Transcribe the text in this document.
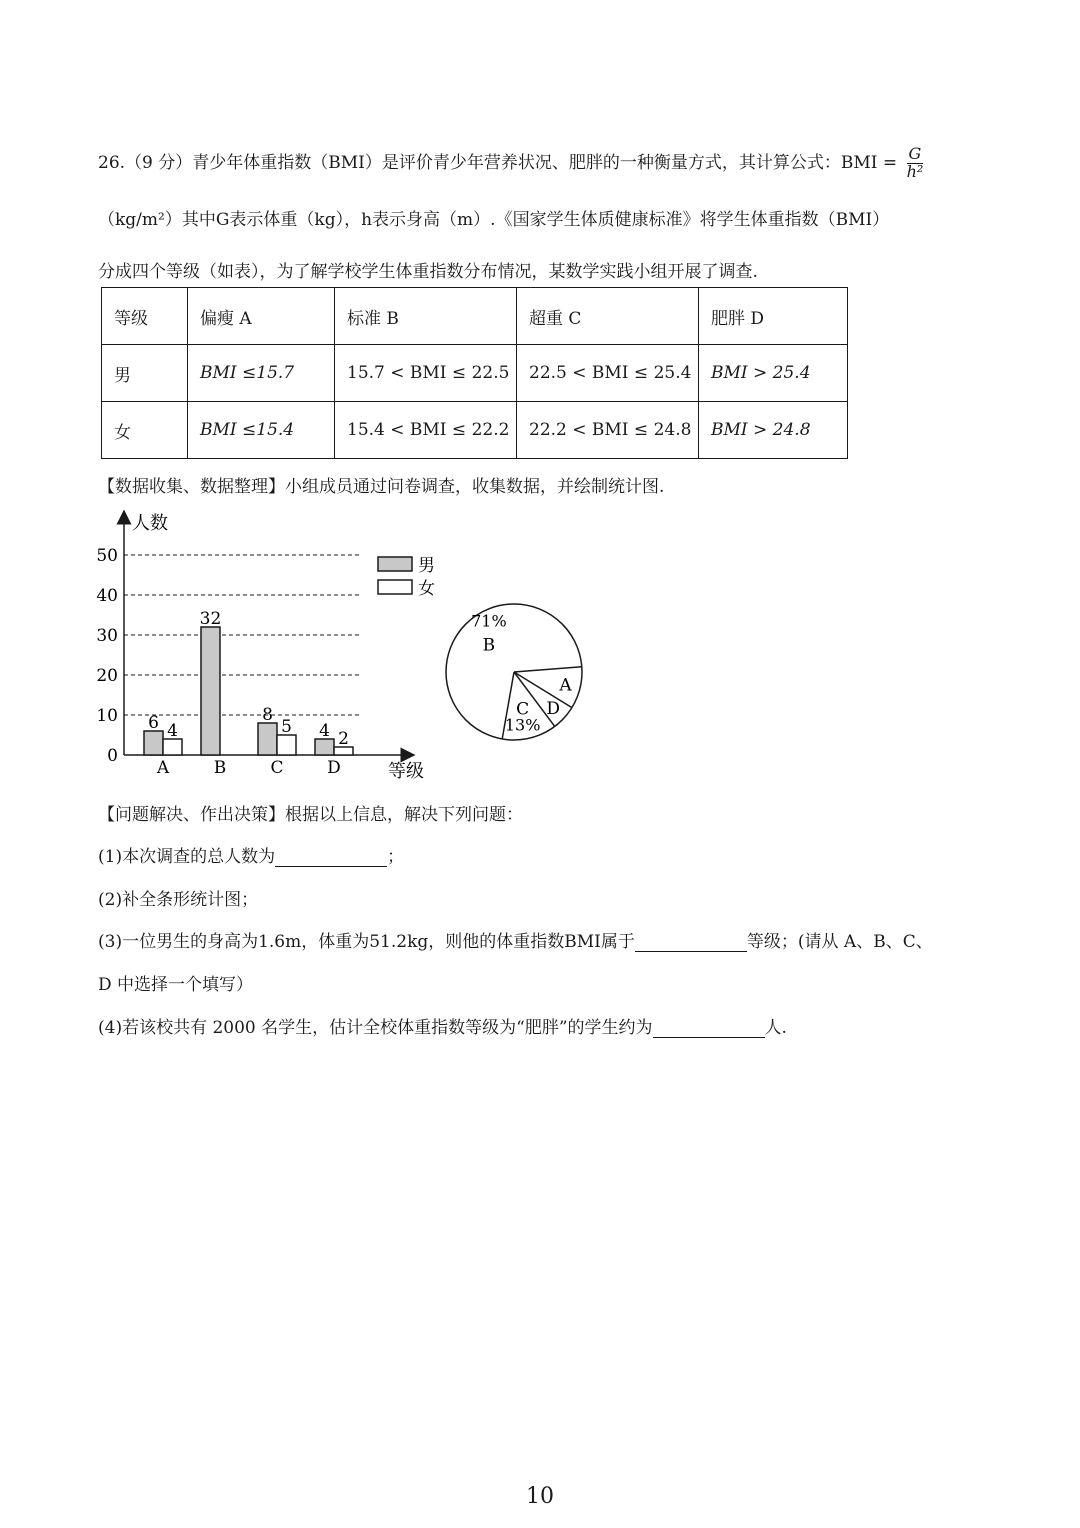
26.（9 分）青少年体重指数（BMI）是评价青少年营养状况、肥胖的一种衡量方式，其计算公式：BMI = $\frac{G}{\text{h²}}$
（kg/m²）其中G表示体重（kg），h表示身高（m）.《国家学生体质健康标准》将学生体重指数（BMI）
分成四个等级（如表），为了解学校学生体重指数分布情况，某数学实践小组开展了调查.
等级	偏瘦 A	标准 B	超重 C	肥胖 D
男	BMI ≤15.7	15.7 < BMI ≤ 22.5	22.5 < BMI ≤ 25.4	BMI > 25.4
女	BMI ≤15.4	15.4 < BMI ≤ 22.2	22.2 < BMI ≤ 24.8	BMI > 24.8
【数据收集、数据整理】小组成员通过问卷调查，收集数据，并绘制统计图.
0
10
20
30
40
50
人数
等级
6 4
A
32
B
8
5
C
4 2
D
男
女
B
71%
A
D
C
13%
【问题解决、作出决策】根据以上信息，解决下列问题：
(1)本次调查的总人数为	；
(2)补全条形统计图；
(3)一位男生的身高为1.6m，体重为51.2kg，则他的体重指数BMI属于	等级；(请从 A、B、C、
D 中选择一个填写）
(4)若该校共有 2000 名学生，估计全校体重指数等级为“肥胖”的学生约为	人.
10
